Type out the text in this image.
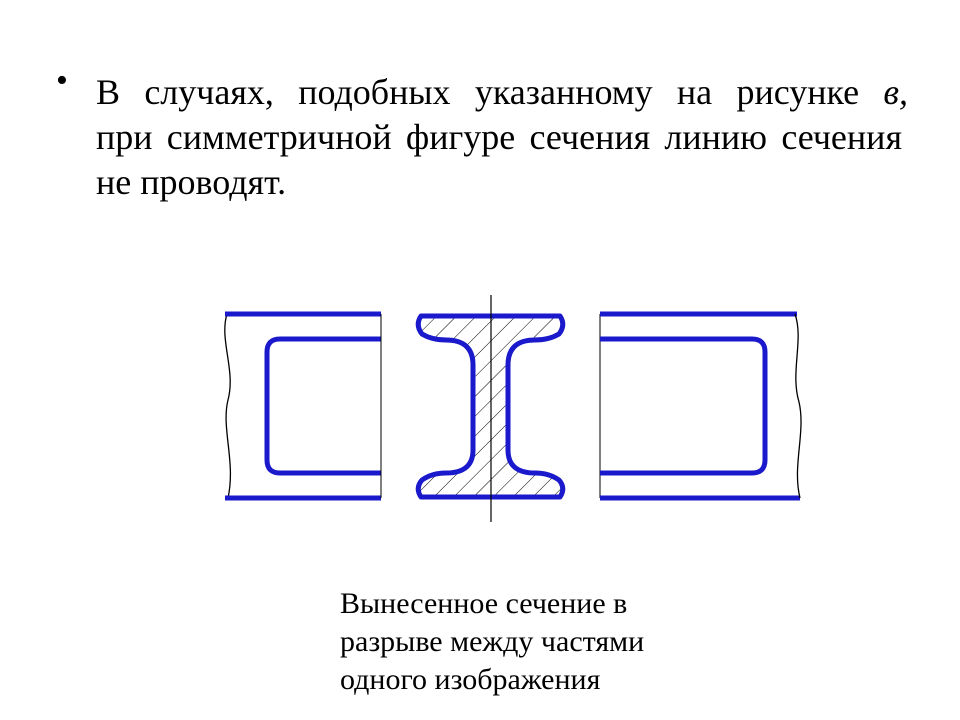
• В случаях, подобных указанному на рисунке в,
при симметричной фигуре сечения линию сечения
не проводят.

Вынесенное сечение в
разрыве между частями
одного изображения
